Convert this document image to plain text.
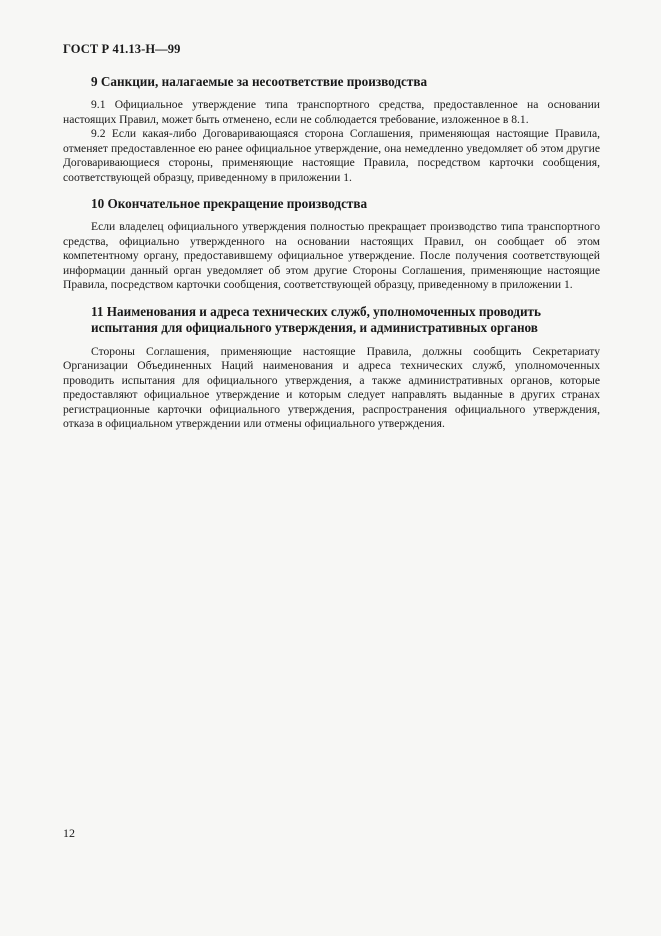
ГОСТ Р 41.13-Н—99
9 Санкции, налагаемые за несоответствие производства

9.1 Официальное утверждение типа транспортного средства, предоставленное на основании настоящих Правил, может быть отменено, если не соблюдается требование, изложенное в 8.1.

9.2 Если какая-либо Договаривающаяся сторона Соглашения, применяющая настоящие Правила, отменяет предоставленное ею ранее официальное утверждение, она немедленно уведомляет об этом другие Договаривающиеся стороны, применяющие настоящие Правила, посредством карточки сообщения, соответствующей образцу, приведенному в приложении 1.

10 Окончательное прекращение производства

Если владелец официального утверждения полностью прекращает производство типа транспортного средства, официально утвержденного на основании настоящих Правил, он сообщает об этом компетентному органу, предоставившему официальное утверждение. После получения соответствующей информации данный орган уведомляет об этом другие Стороны Соглашения, применяющие настоящие Правила, посредством карточки сообщения, соответствующей образцу, приведенному в приложении 1.

11 Наименования и адреса технических служб, уполномоченных проводить
испытания для официального утверждения, и административных органов

Стороны Соглашения, применяющие настоящие Правила, должны сообщить Секретариату Организации Объединенных Наций наименования и адреса технических служб, уполномоченных проводить испытания для официального утверждения, а также административных органов, которые предоставляют официальное утверждение и которым следует направлять выданные в других странах регистрационные карточки официального утверждения, распространения официального утверждения, отказа в официальном утверждении или отмены официального утверждения.

12
